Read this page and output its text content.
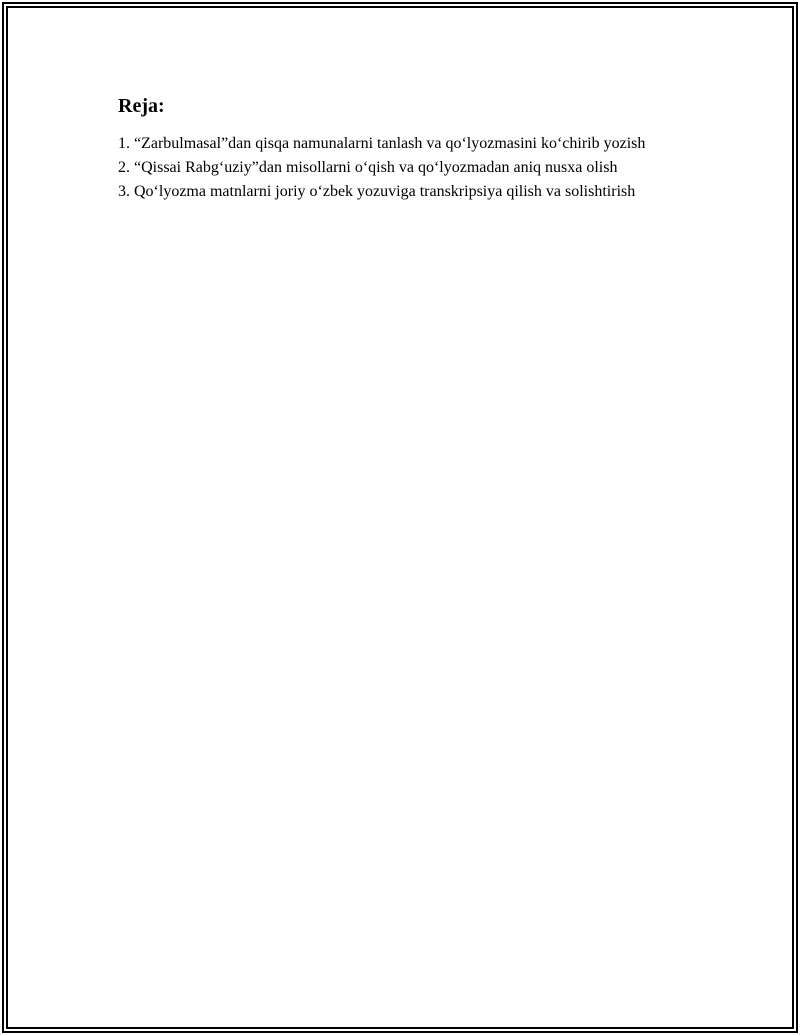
Reja:
1. “Zarbulmasal”dan qisqa namunalarni tanlash va qo‘lyozmasini ko‘chirib yozish
2. “Qissai Rabg‘uziy”dan misollarni o‘qish va qo‘lyozmadan aniq nusxa olish
3. Qo‘lyozma matnlarni joriy o‘zbek yozuviga transkripsiya qilish va solishtirish
